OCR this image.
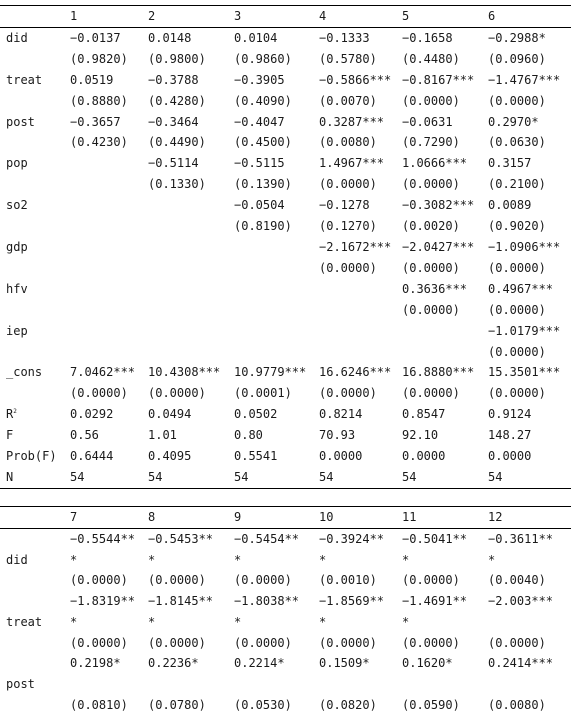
	1	2	3	4	5	6
did	−0.0137	0.0148	0.0104	−0.1333	−0.1658	−0.2988*
	(0.9820)	(0.9800)	(0.9860)	(0.5780)	(0.4480)	(0.0960)
treat	0.0519	−0.3788	−0.3905	−0.5866***	−0.8167***	−1.4767***
	(0.8880)	(0.4280)	(0.4090)	(0.0070)	(0.0000)	(0.0000)
post	−0.3657	−0.3464	−0.4047	0.3287***	−0.0631	0.2970*
	(0.4230)	(0.4490)	(0.4500)	(0.0080)	(0.7290)	(0.0630)
pop		−0.5114	−0.5115	1.4967***	1.0666***	0.3157
		(0.1330)	(0.1390)	(0.0000)	(0.0000)	(0.2100)
so2			−0.0504	−0.1278	−0.3082***	0.0089
			(0.8190)	(0.1270)	(0.0020)	(0.9020)
gdp				−2.1672***	−2.0427***	−1.0906***
				(0.0000)	(0.0000)	(0.0000)
hfv					0.3636***	0.4967***
					(0.0000)	(0.0000)
iep						−1.0179***
						(0.0000)
_cons	7.0462***	10.4308***	10.9779***	16.6246***	16.8880***	15.3501***
	(0.0000)	(0.0000)	(0.0001)	(0.0000)	(0.0000)	(0.0000)
$R^2$	0.0292	0.0494	0.0502	0.8214	0.8547	0.9124
F	0.56	1.01	0.80	70.93	92.10	148.27
Prob(F)	0.6444	0.4095	0.5541	0.0000	0.0000	0.0000
N	54	54	54	54	54	54
	7	8	9	10	11	12
	−0.5544**	−0.5453**	−0.5454**	−0.3924**	−0.5041**	−0.3611**
did	*	*	*	*	*	*
	(0.0000)	(0.0000)	(0.0000)	(0.0010)	(0.0000)	(0.0040)
	−1.8319**	−1.8145**	−1.8038**	−1.8569**	−1.4691**	−2.003***
treat	*	*	*	*	*	
	(0.0000)	(0.0000)	(0.0000)	(0.0000)	(0.0000)	(0.0000)
	0.2198*	0.2236*	0.2214*	0.1509*	0.1620*	0.2414***
post						
	(0.0810)	(0.0780)	(0.0530)	(0.0820)	(0.0590)	(0.0080)
